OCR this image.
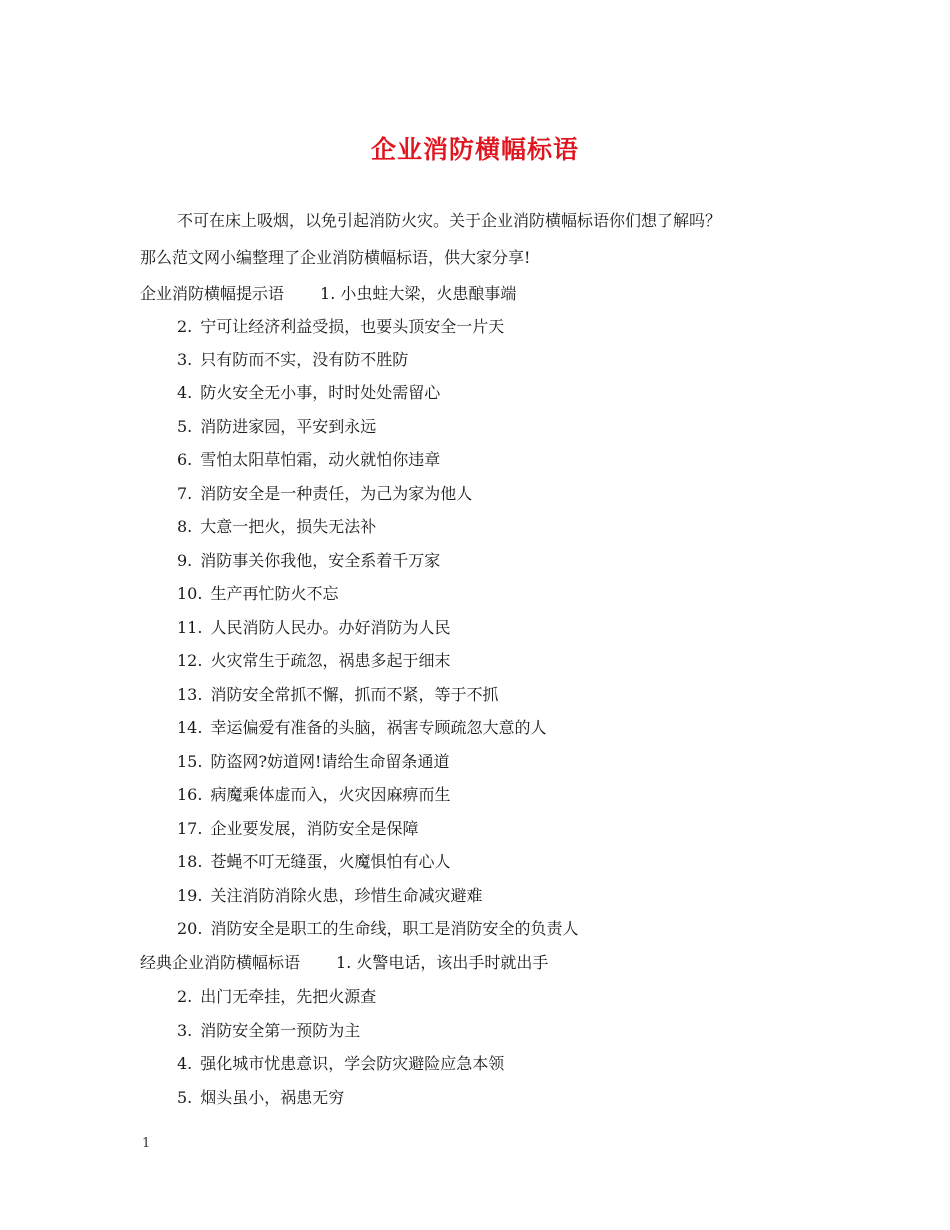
企业消防横幅标语
不可在床上吸烟，以免引起消防火灾。关于企业消防横幅标语你们想了解吗？
那么范文网小编整理了企业消防横幅标语，供大家分享!
企业消防横幅提示语 1. 小虫蛀大梁，火患酿事端
2. 宁可让经济利益受损，也要头顶安全一片天
3. 只有防而不实，没有防不胜防
4. 防火安全无小事，时时处处需留心
5. 消防进家园，平安到永远
6. 雪怕太阳草怕霜，动火就怕你违章
7. 消防安全是一种责任，为己为家为他人
8. 大意一把火，损失无法补
9. 消防事关你我他，安全系着千万家
10. 生产再忙防火不忘
11. 人民消防人民办。办好消防为人民
12. 火灾常生于疏忽，祸患多起于细末
13. 消防安全常抓不懈，抓而不紧，等于不抓
14. 幸运偏爱有准备的头脑，祸害专顾疏忽大意的人
15. 防盗网?妨道网!请给生命留条通道
16. 病魔乘体虚而入，火灾因麻痹而生
17. 企业要发展，消防安全是保障
18. 苍蝇不叮无缝蛋，火魔惧怕有心人
19. 关注消防消除火患，珍惜生命减灾避难
20. 消防安全是职工的生命线，职工是消防安全的负责人
经典企业消防横幅标语 1. 火警电话，该出手时就出手
2. 出门无牵挂，先把火源查
3. 消防安全第一预防为主
4. 强化城市忧患意识，学会防灾避险应急本领
5. 烟头虽小，祸患无穷
1
